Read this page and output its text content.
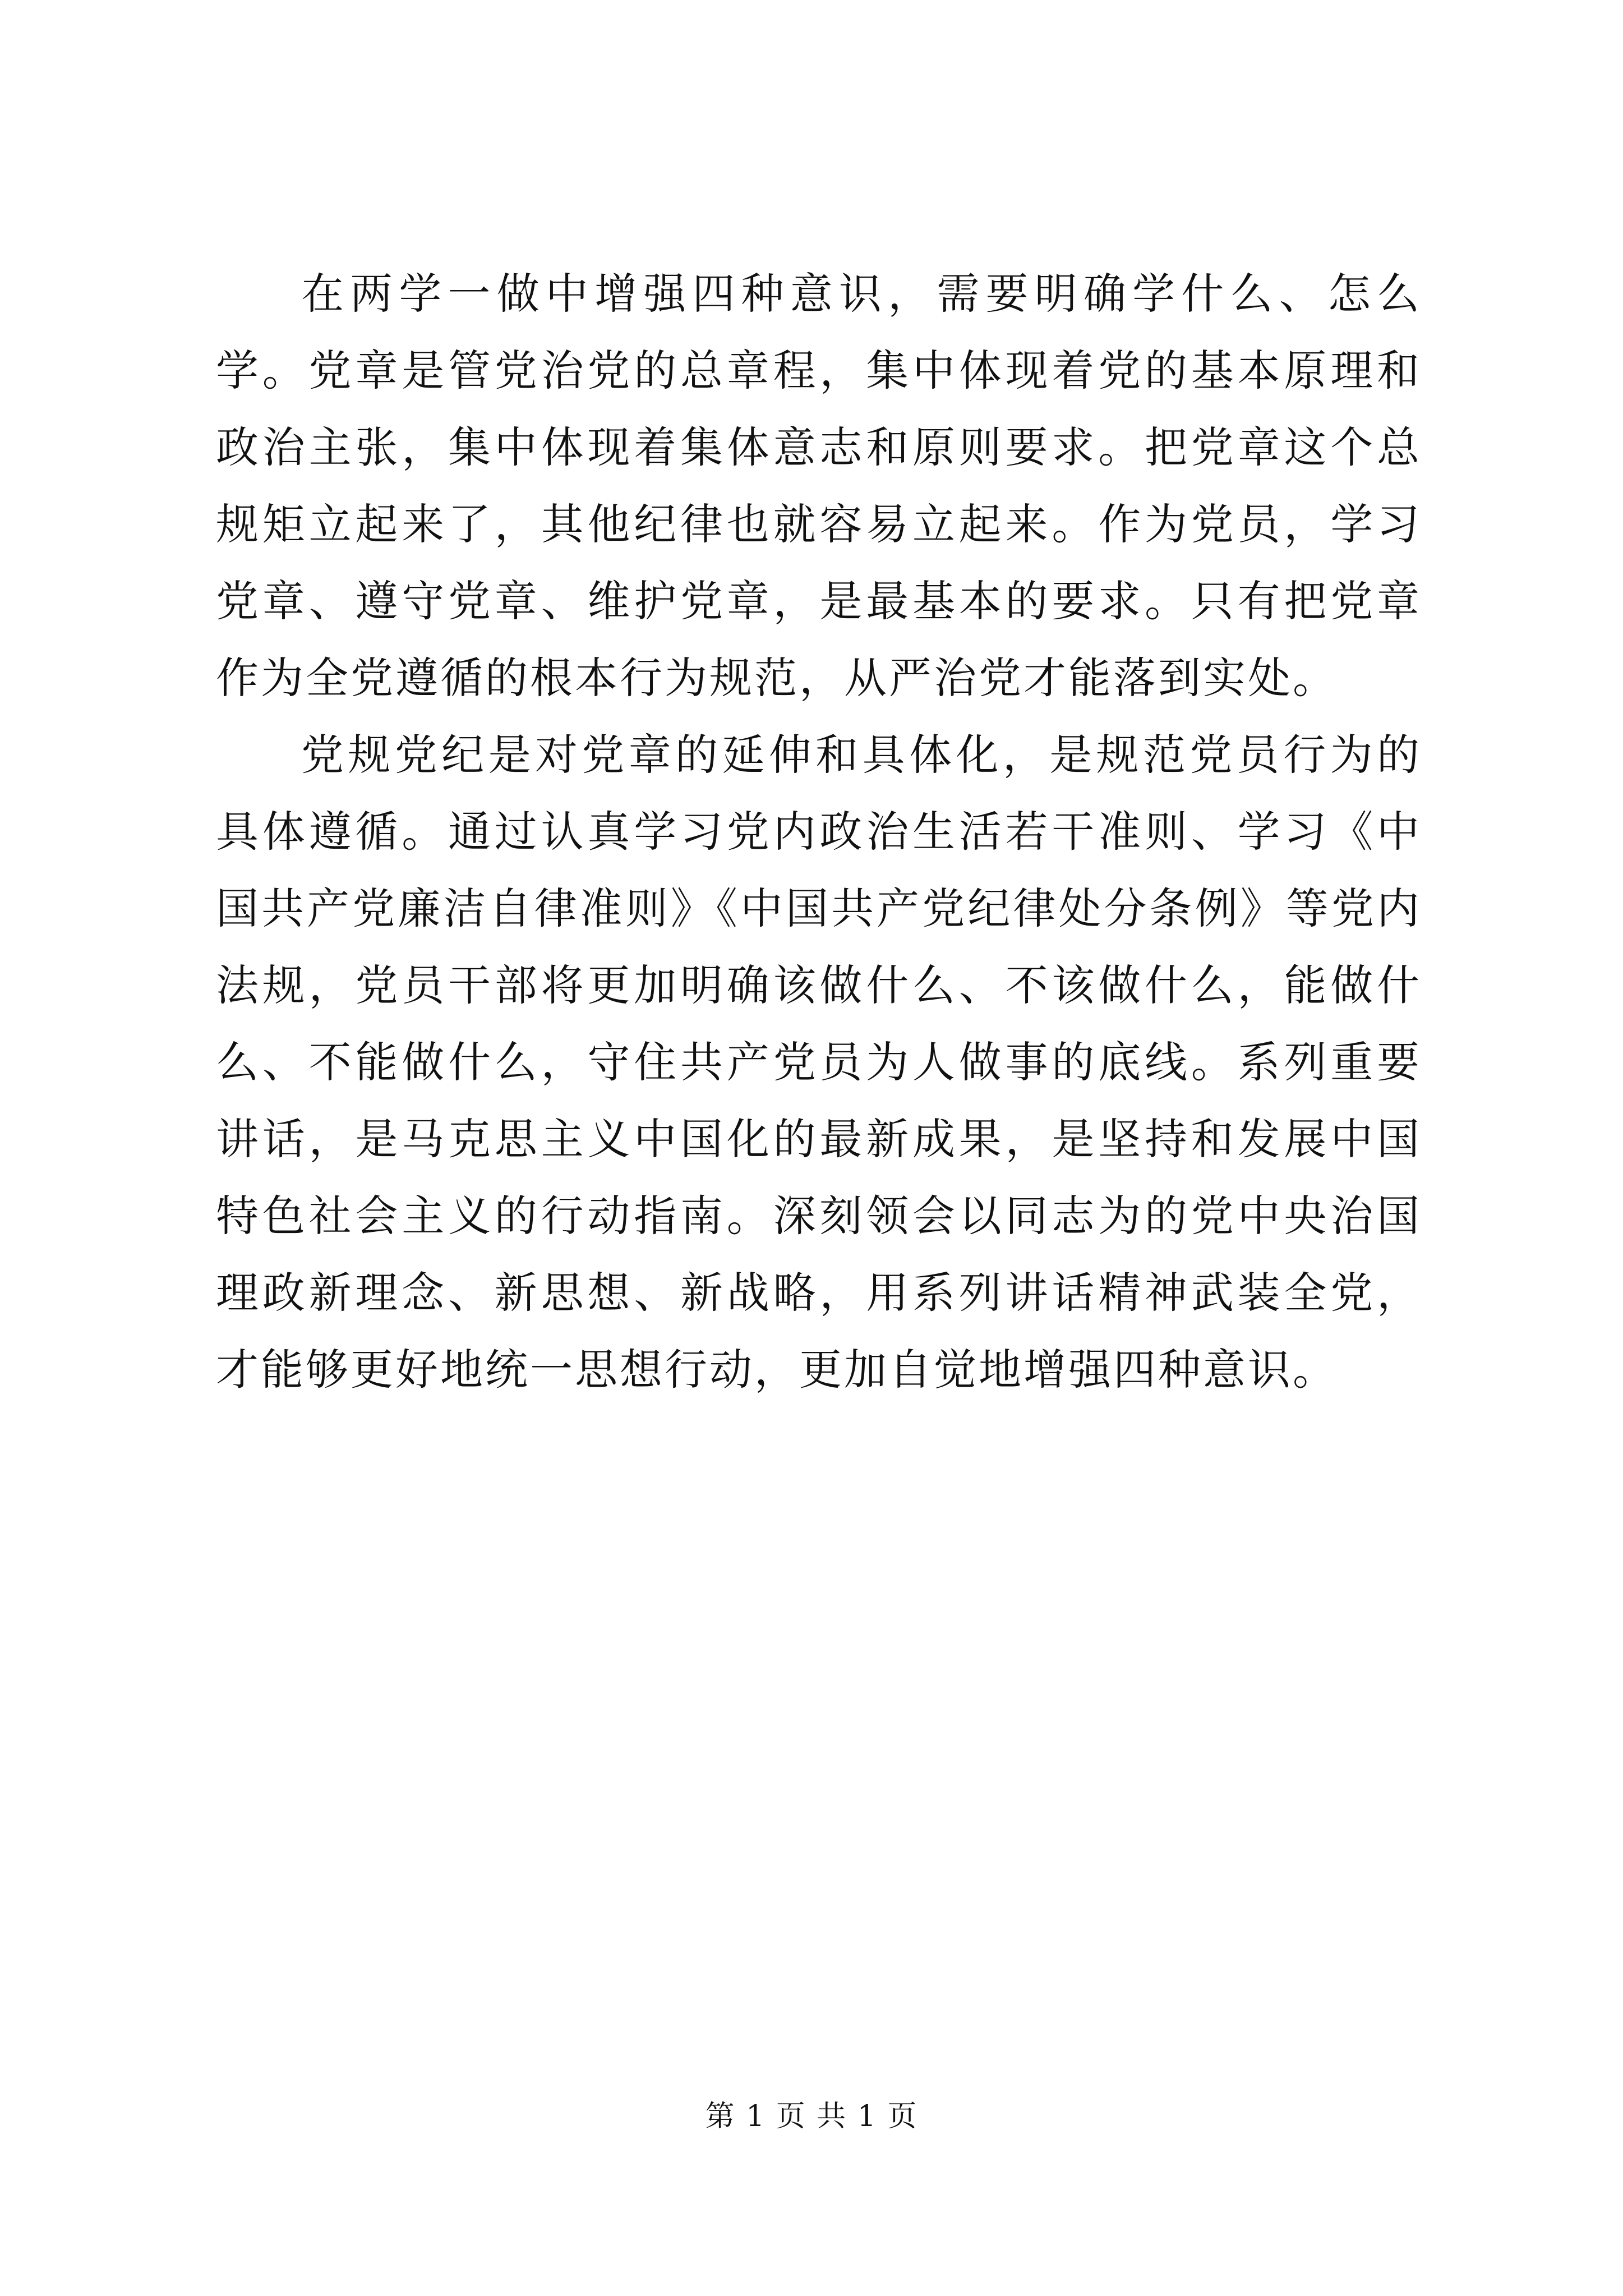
在两学一做中增强四种意识，需要明确学什么、怎么学。党章是管党治党的总章程，集中体现着党的基本原理和政治主张，集中体现着集体意志和原则要求。把党章这个总规矩立起来了，其他纪律也就容易立起来。作为党员，学习党章、遵守党章、维护党章，是最基本的要求。只有把党章作为全党遵循的根本行为规范，从严治党才能落到实处。

党规党纪是对党章的延伸和具体化，是规范党员行为的具体遵循。通过认真学习党内政治生活若干准则、学习《中国共产党廉洁自律准则》《中国共产党纪律处分条例》等党内法规，党员干部将更加明确该做什么、不该做什么，能做什么、不能做什么，守住共产党员为人做事的底线。系列重要讲话，是马克思主义中国化的最新成果，是坚持和发展中国特色社会主义的行动指南。深刻领会以同志为的党中央治国理政新理念、新思想、新战略，用系列讲话精神武装全党，才能够更好地统一思想行动，更加自觉地增强四种意识。

第 1 页 共 1 页
